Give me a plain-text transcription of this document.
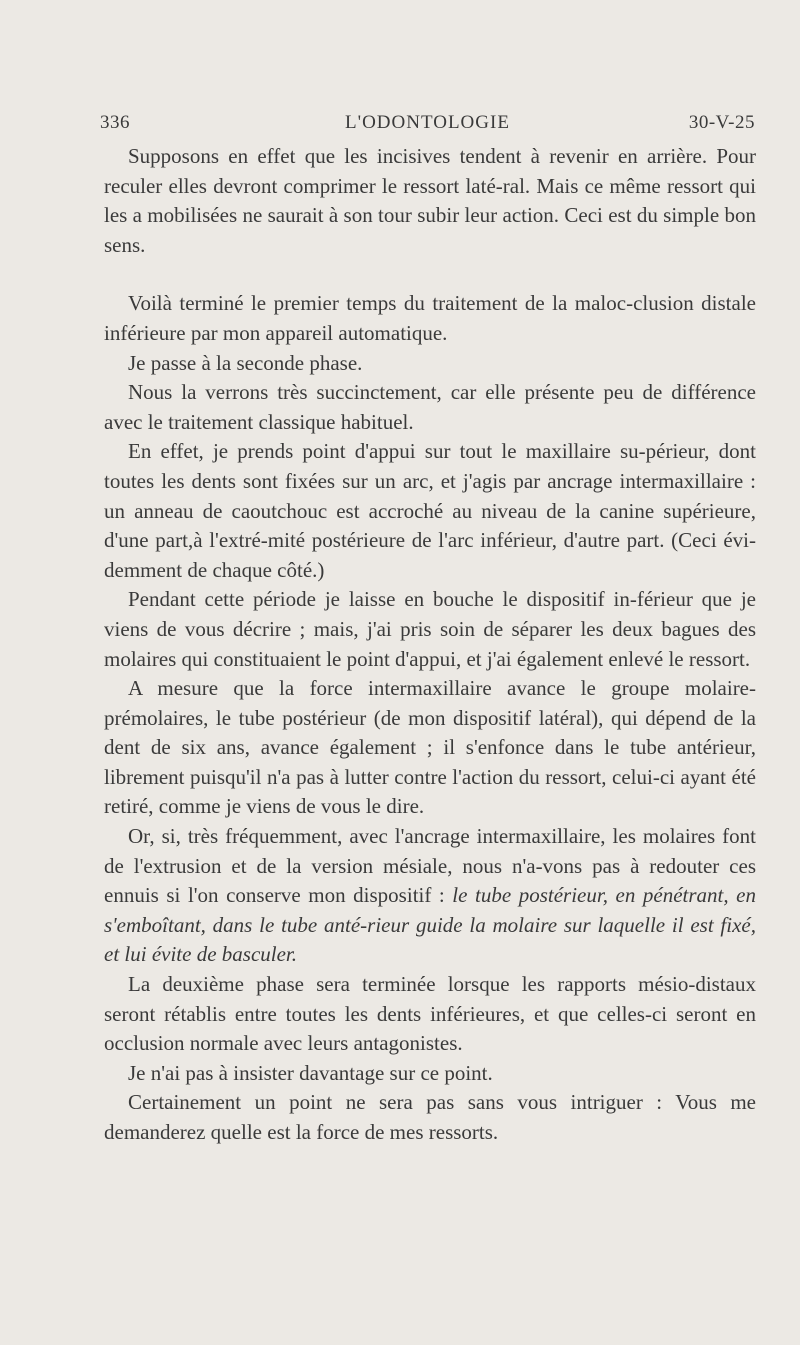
336	L'ODONTOLOGIE	30-V-25

Supposons en effet que les incisives tendent à revenir en arrière. Pour reculer elles devront comprimer le ressort laté-ral. Mais ce même ressort qui les a mobilisées ne saurait à son tour subir leur action. Ceci est du simple bon sens.

Voilà terminé le premier temps du traitement de la maloc-clusion distale inférieure par mon appareil automatique.

Je passe à la seconde phase.

Nous la verrons très succinctement, car elle présente peu de différence avec le traitement classique habituel.

En effet, je prends point d'appui sur tout le maxillaire su-périeur, dont toutes les dents sont fixées sur un arc, et j'agis par ancrage intermaxillaire : un anneau de caoutchouc est accroché au niveau de la canine supérieure, d'une part,à l'extré-mité postérieure de l'arc inférieur, d'autre part. (Ceci évi-demment de chaque côté.)

Pendant cette période je laisse en bouche le dispositif in-férieur que je viens de vous décrire ; mais, j'ai pris soin de séparer les deux bagues des molaires qui constituaient le point d'appui, et j'ai également enlevé le ressort.

A mesure que la force intermaxillaire avance le groupe molaire-prémolaires, le tube postérieur (de mon dispositif latéral), qui dépend de la dent de six ans, avance également ; il s'enfonce dans le tube antérieur, librement puisqu'il n'a pas à lutter contre l'action du ressort, celui-ci ayant été retiré, comme je viens de vous le dire.

Or, si, très fréquemment, avec l'ancrage intermaxillaire, les molaires font de l'extrusion et de la version mésiale, nous n'a-vons pas à redouter ces ennuis si l'on conserve mon dispositif : le tube postérieur, en pénétrant, en s'emboîtant, dans le tube anté-rieur guide la molaire sur laquelle il est fixé, et lui évite de basculer.

La deuxième phase sera terminée lorsque les rapports mésio-distaux seront rétablis entre toutes les dents inférieures, et que celles-ci seront en occlusion normale avec leurs antagonistes.

Je n'ai pas à insister davantage sur ce point.

Certainement un point ne sera pas sans vous intriguer : Vous me demanderez quelle est la force de mes ressorts.
